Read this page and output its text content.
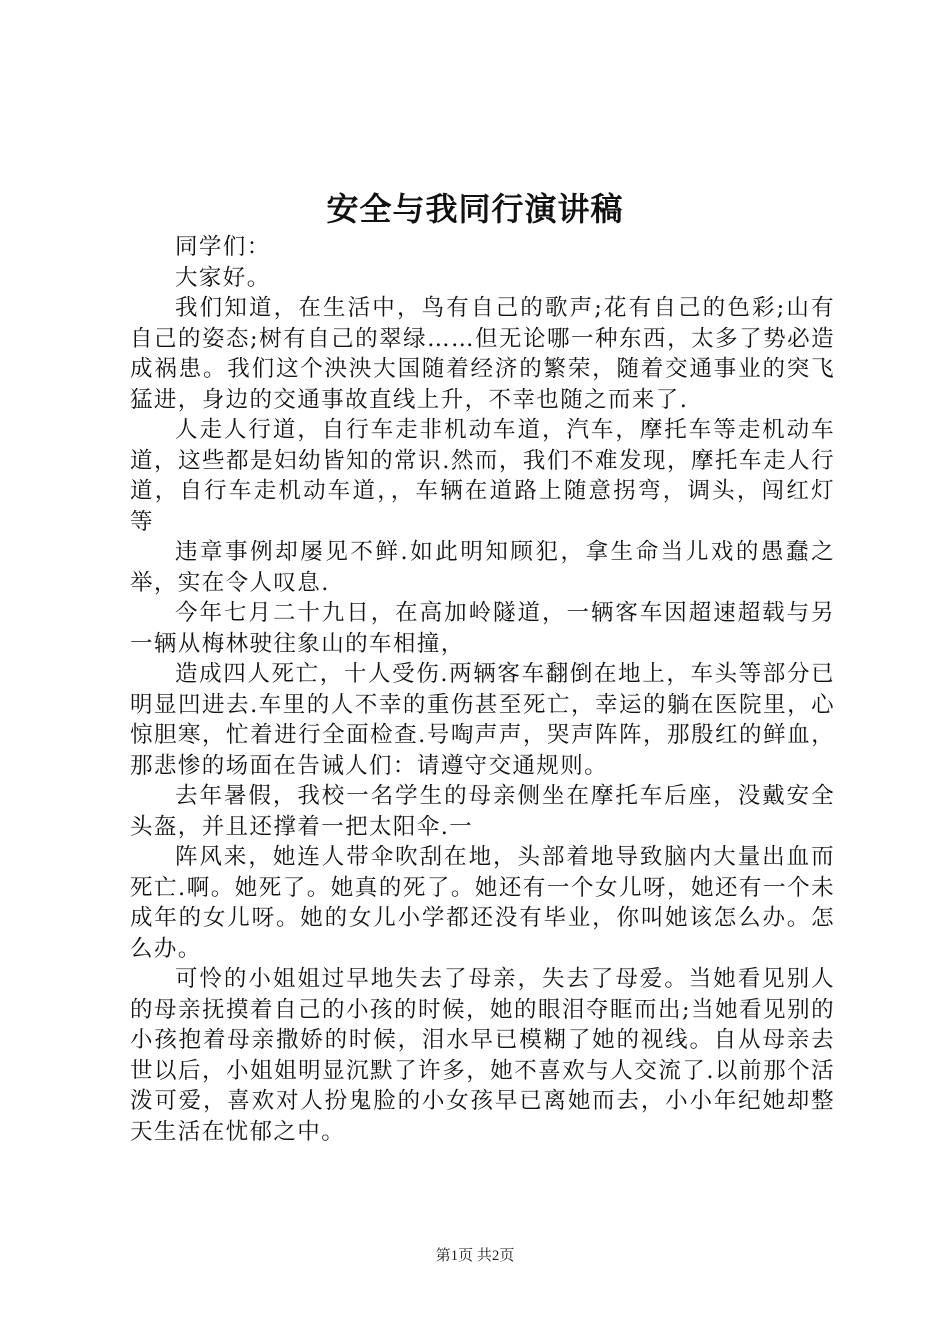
安全与我同行演讲稿

同学们：

大家好。

我们知道，在生活中，鸟有自己的歌声;花有自己的色彩;山有自己的姿态;树有自己的翠绿……但无论哪一种东西，太多了势必造成祸患。我们这个泱泱大国随着经济的繁荣，随着交通事业的突飞猛进，身边的交通事故直线上升，不幸也随之而来了.

人走人行道，自行车走非机动车道，汽车，摩托车等走机动车道，这些都是妇幼皆知的常识.然而，我们不难发现，摩托车走人行道，自行车走机动车道，，车辆在道路上随意拐弯，调头，闯红灯等

违章事例却屡见不鲜.如此明知顾犯，拿生命当儿戏的愚蠢之举，实在令人叹息.

今年七月二十九日，在高加岭隧道，一辆客车因超速超载与另一辆从梅林驶往象山的车相撞，

造成四人死亡，十人受伤.两辆客车翻倒在地上，车头等部分已明显凹进去.车里的人不幸的重伤甚至死亡，幸运的躺在医院里，心惊胆寒，忙着进行全面检查.号啕声声，哭声阵阵，那殷红的鲜血，那悲惨的场面在告诫人们：请遵守交通规则。

去年暑假，我校一名学生的母亲侧坐在摩托车后座，没戴安全头盔，并且还撑着一把太阳伞.一

阵风来，她连人带伞吹刮在地，头部着地导致脑内大量出血而死亡.啊。她死了。她真的死了。她还有一个女儿呀，她还有一个未成年的女儿呀。她的女儿小学都还没有毕业，你叫她该怎么办。怎么办。

可怜的小姐姐过早地失去了母亲，失去了母爱。当她看见别人的母亲抚摸着自己的小孩的时候，她的眼泪夺眶而出;当她看见别的小孩抱着母亲撒娇的时候，泪水早已模糊了她的视线。自从母亲去世以后，小姐姐明显沉默了许多，她不喜欢与人交流了.以前那个活泼可爱，喜欢对人扮鬼脸的小女孩早已离她而去，小小年纪她却整天生活在忧郁之中。

第1页 共2页
